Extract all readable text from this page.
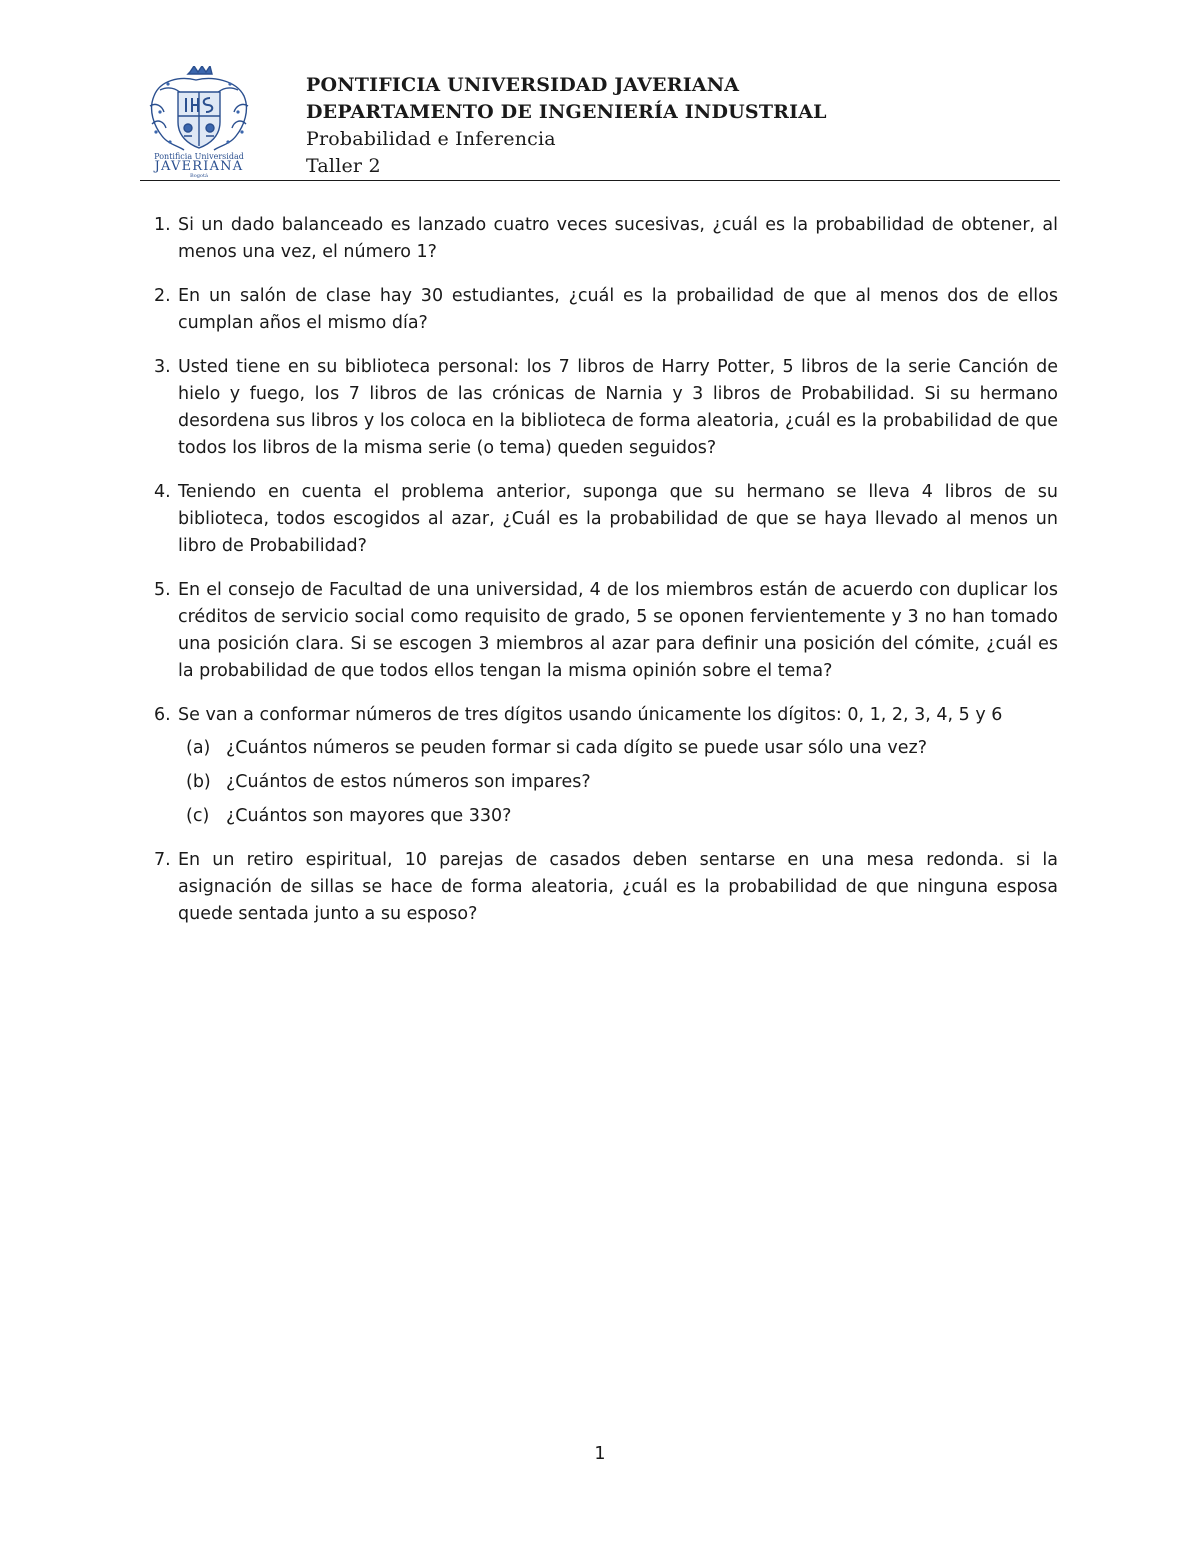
Pontificia Universidad
JAVERIANA
Bogotá
PONTIFICIA UNIVERSIDAD JAVERIANA
DEPARTAMENTO DE INGENIERÍA INDUSTRIAL
Probabilidad e Inferencia
Taller 2
1. Si un dado balanceado es lanzado cuatro veces sucesivas, ¿cuál es la probabilidad de obtener, al menos una vez, el número 1?
2. En un salón de clase hay 30 estudiantes, ¿cuál es la probailidad de que al menos dos de ellos cumplan años el mismo día?
3. Usted tiene en su biblioteca personal: los 7 libros de Harry Potter, 5 libros de la serie Canción de hielo y fuego, los 7 libros de las crónicas de Narnia y 3 libros de Probabilidad. Si su hermano desordena sus libros y los coloca en la biblioteca de forma aleatoria, ¿cuál es la probabilidad de que todos los libros de la misma serie (o tema) queden seguidos?
4. Teniendo en cuenta el problema anterior, suponga que su hermano se lleva 4 libros de su biblioteca, todos escogidos al azar, ¿Cuál es la probabilidad de que se haya llevado al menos un libro de Probabilidad?
5. En el consejo de Facultad de una universidad, 4 de los miembros están de acuerdo con duplicar los créditos de servicio social como requisito de grado, 5 se oponen fervientemente y 3 no han tomado una posición clara. Si se escogen 3 miembros al azar para definir una posición del cómite, ¿cuál es la probabilidad de que todos ellos tengan la misma opinión sobre el tema?
6. Se van a conformar números de tres dígitos usando únicamente los dígitos: 0, 1, 2, 3, 4, 5 y 6
(a) ¿Cuántos números se peuden formar si cada dígito se puede usar sólo una vez?
(b) ¿Cuántos de estos números son impares?
(c) ¿Cuántos son mayores que 330?
7. En un retiro espiritual, 10 parejas de casados deben sentarse en una mesa redonda. si la asignación de sillas se hace de forma aleatoria, ¿cuál es la probabilidad de que ninguna esposa quede sentada junto a su esposo?
1
